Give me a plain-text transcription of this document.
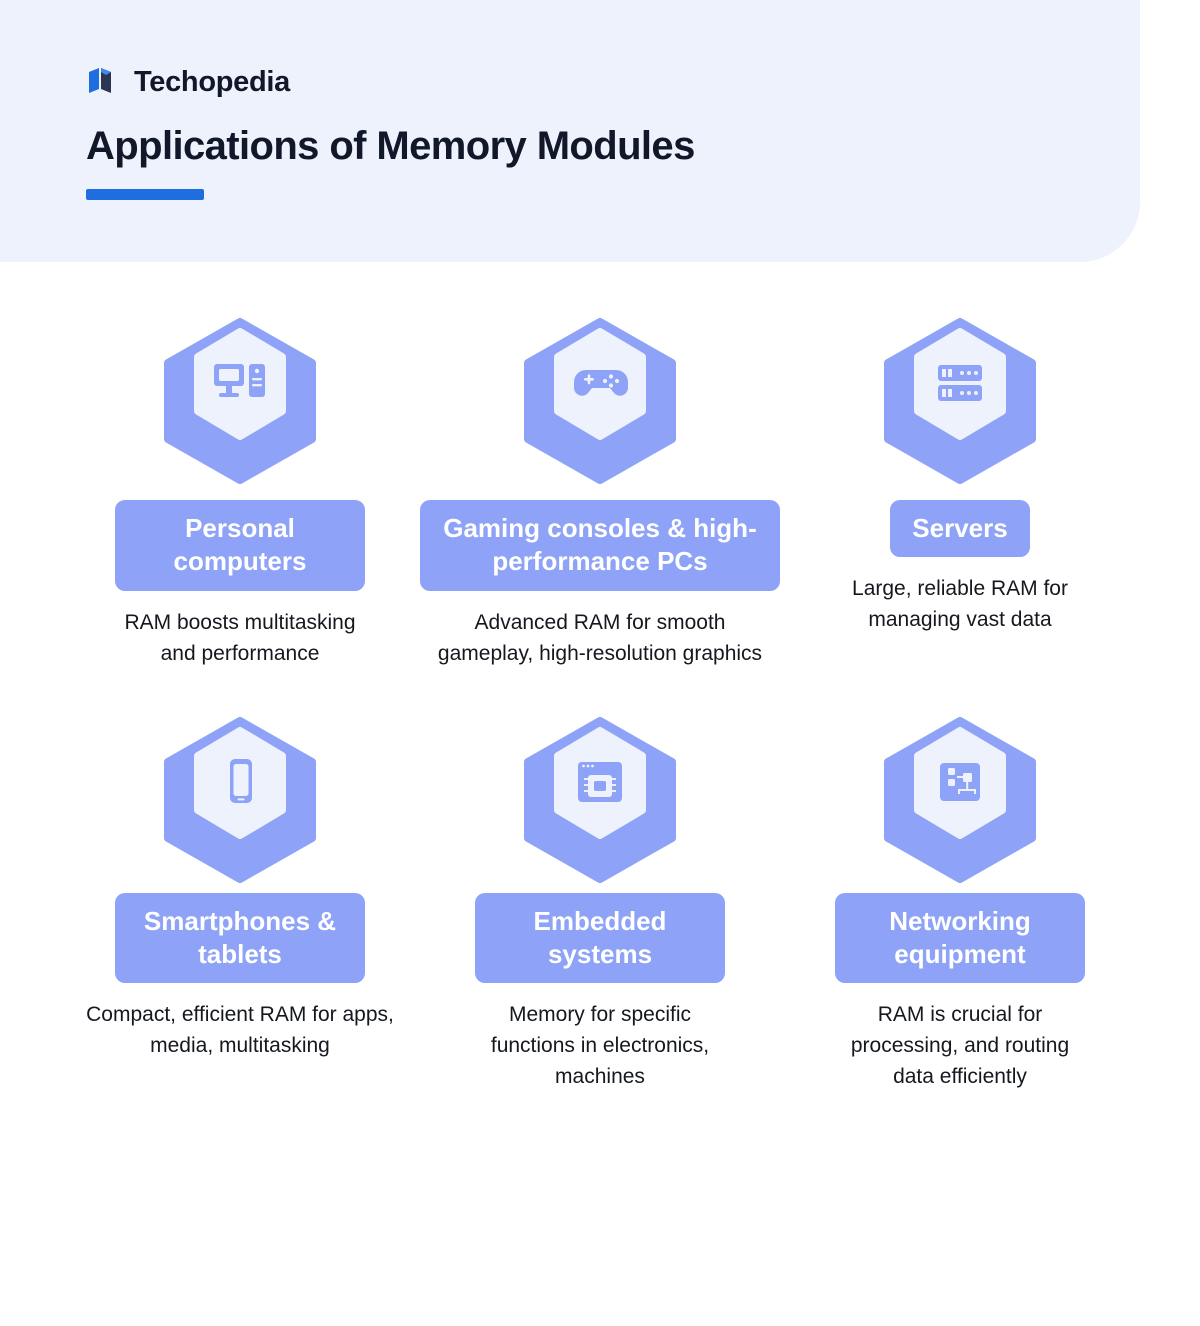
Techopedia
Applications of Memory Modules
Personal computers
RAM boosts multitasking and performance
Gaming consoles & high-performance PCs
Advanced RAM for smooth gameplay, high-resolution graphics
Servers
Large, reliable RAM for managing vast data
Smartphones & tablets
Compact, efficient RAM for apps, media, multitasking
Embedded systems
Memory for specific functions in electronics, machines
Networking equipment
RAM is crucial for processing, and routing data efficiently
